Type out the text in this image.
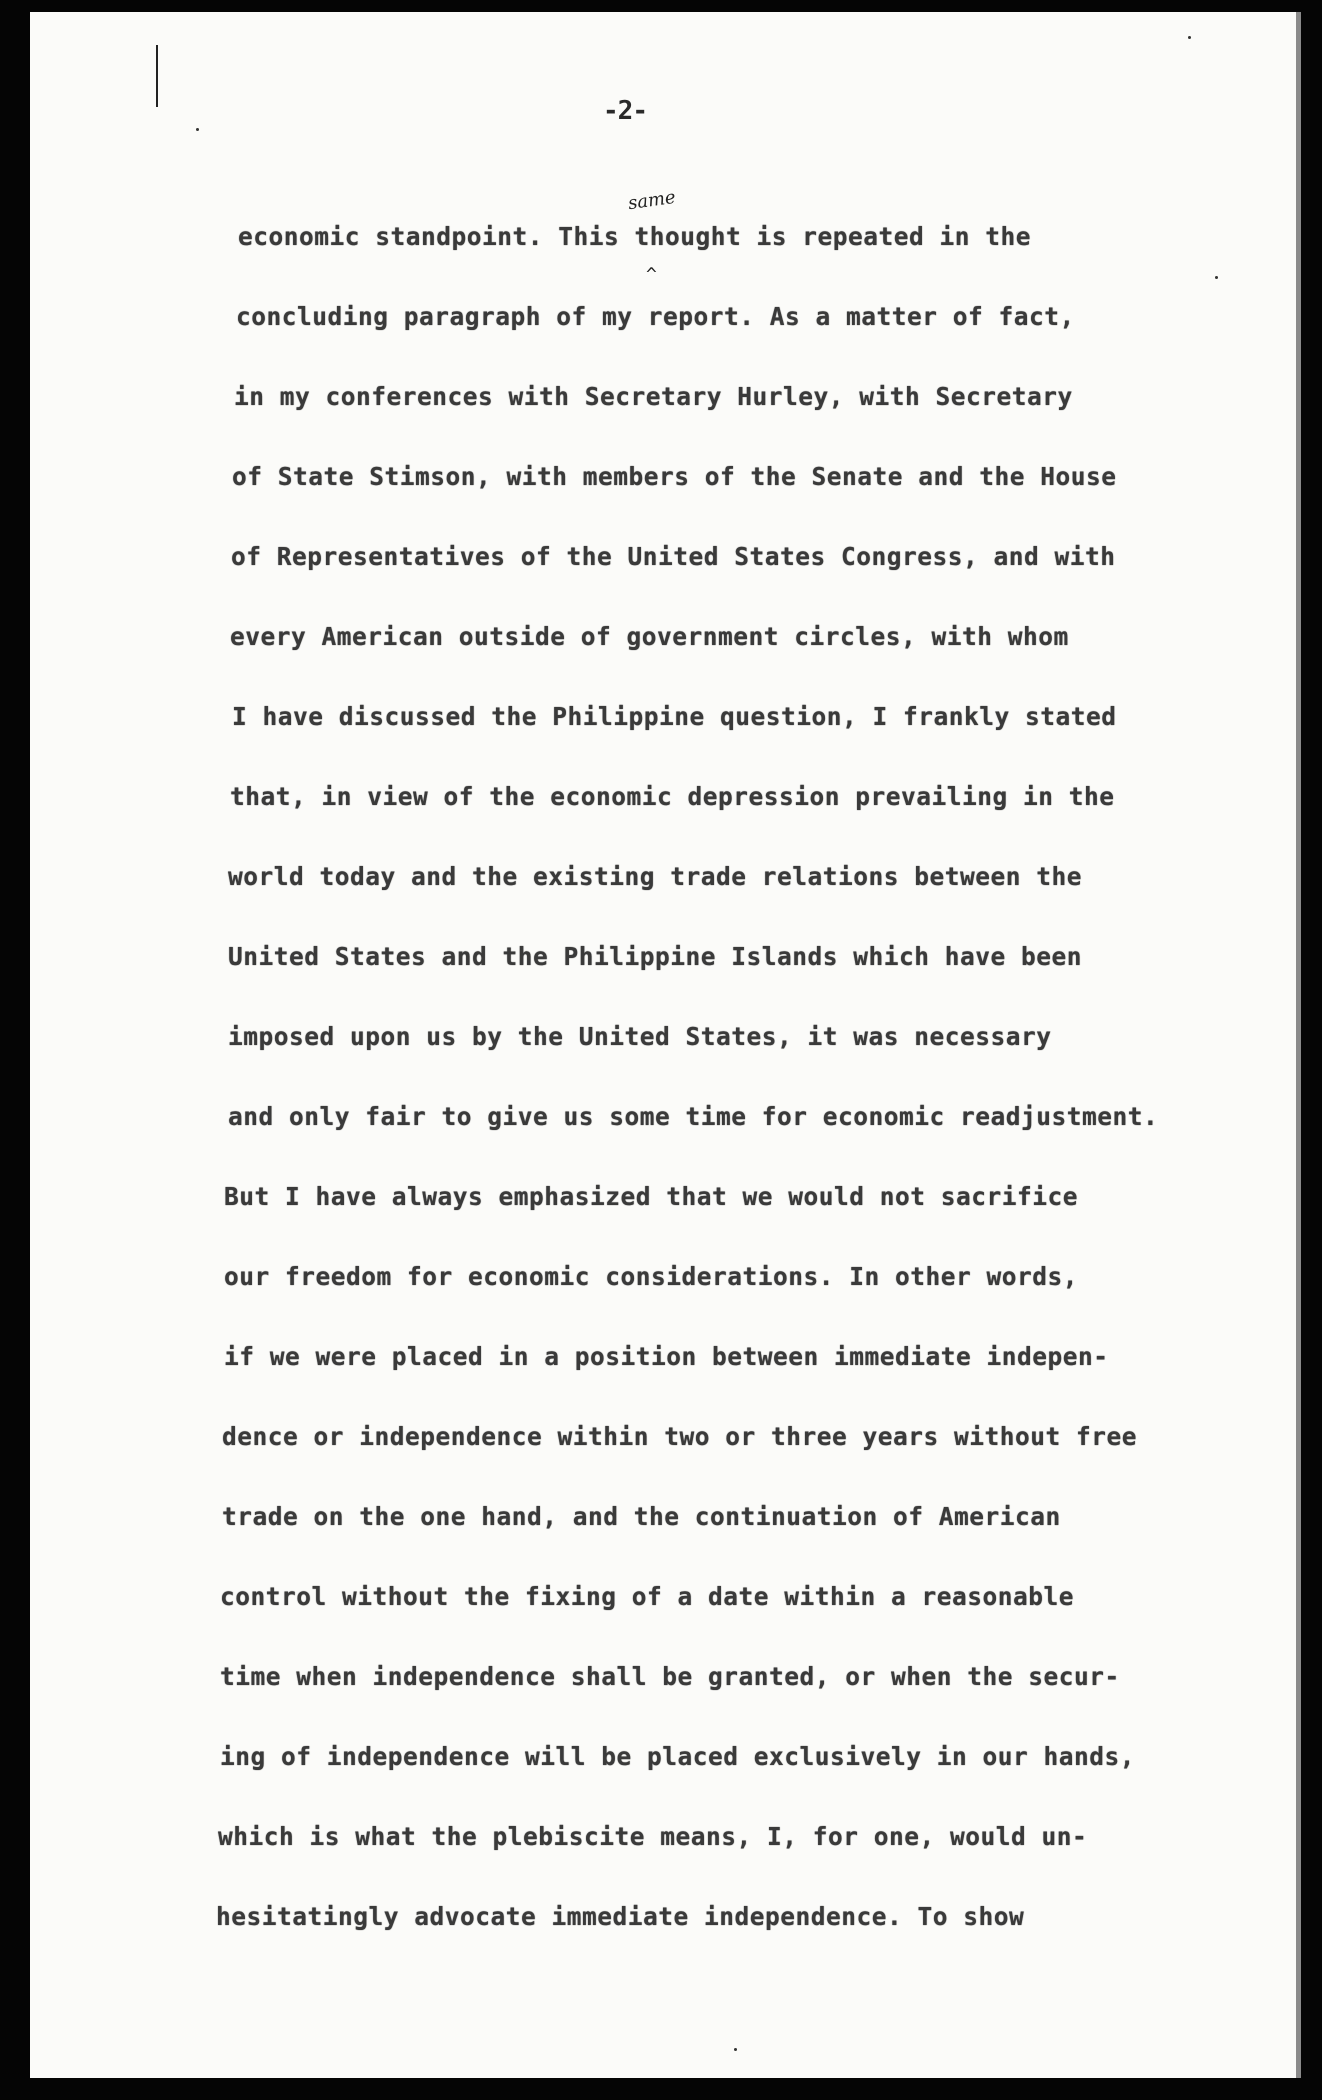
-2-
same
^
economic standpoint. This thought is repeated in the
concluding paragraph of my report. As a matter of fact,
in my conferences with Secretary Hurley, with Secretary
of State Stimson, with members of the Senate and the House
of Representatives of the United States Congress, and with
every American outside of government circles, with whom
I have discussed the Philippine question, I frankly stated
that, in view of the economic depression prevailing in the
world today and the existing trade relations between the
United States and the Philippine Islands which have been
imposed upon us by the United States, it was necessary
and only fair to give us some time for economic readjustment.
But I have always emphasized that we would not sacrifice
our freedom for economic considerations. In other words,
if we were placed in a position between immediate indepen-
dence or independence within two or three years without free
trade on the one hand, and the continuation of American
control without the fixing of a date within a reasonable
time when independence shall be granted, or when the secur-
ing of independence will be placed exclusively in our hands,
which is what the plebiscite means, I, for one, would un-
hesitatingly advocate immediate independence. To show
